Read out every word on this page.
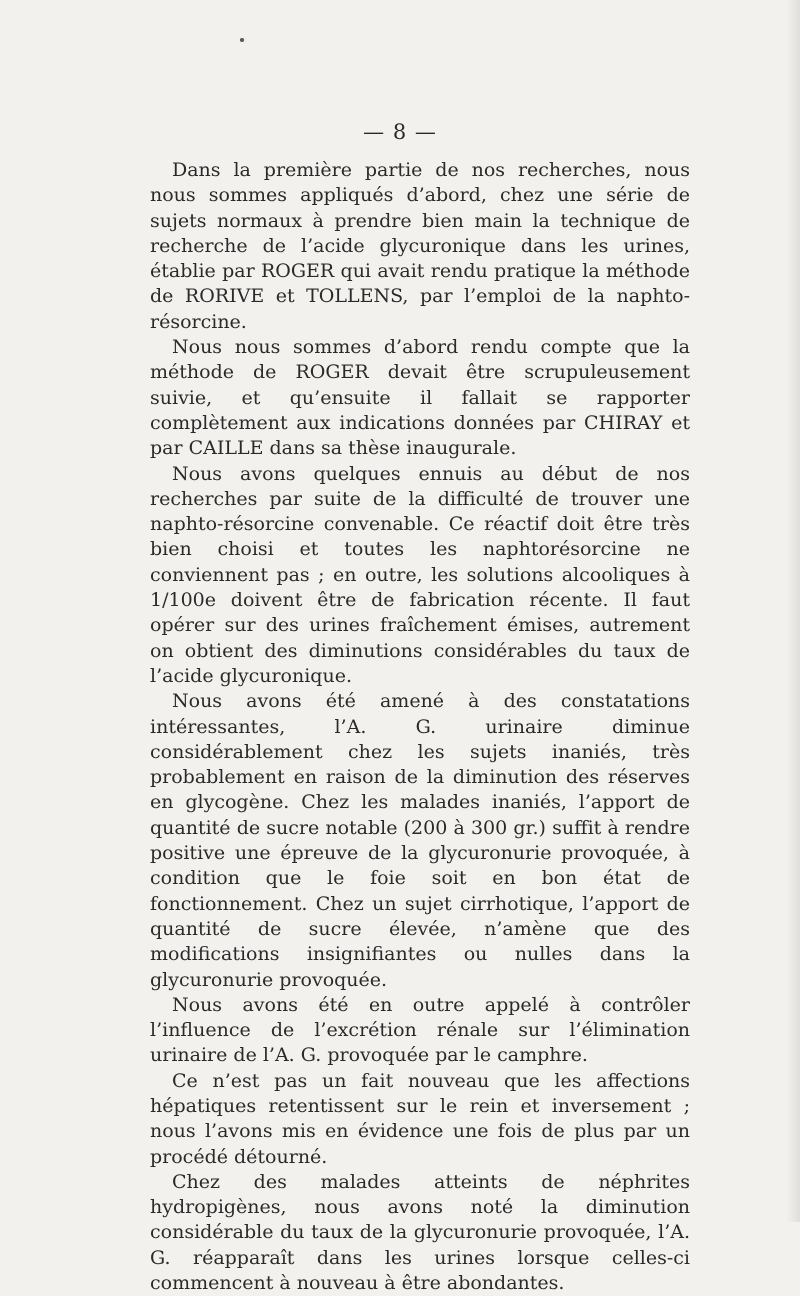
— 8 —

Dans la première partie de nos recherches, nous nous sommes appliqués d’abord, chez une série de sujets normaux à prendre bien main la technique de recherche de l’acide glycuronique dans les urines, établie par ROGER qui avait rendu pratique la méthode de RORIVE et TOLLENS, par l’emploi de la naphto-résorcine.

Nous nous sommes d’abord rendu compte que la méthode de ROGER devait être scrupuleusement suivie, et qu’ensuite il fallait se rapporter complètement aux indications données par CHIRAY et par CAILLE dans sa thèse inaugurale.

Nous avons quelques ennuis au début de nos recherches par suite de la difficulté de trouver une naphto-résorcine convenable. Ce réactif doit être très bien choisi et toutes les naphtorésorcine ne conviennent pas ; en outre, les solutions alcooliques à 1/100e doivent être de fabrication récente. Il faut opérer sur des urines fraîchement émises, autrement on obtient des diminutions considérables du taux de l’acide glycuronique.

Nous avons été amené à des constatations intéressantes, l’A. G. urinaire diminue considérablement chez les sujets inaniés, très probablement en raison de la diminution des réserves en glycogène. Chez les malades inaniés, l’apport de quantité de sucre notable (200 à 300 gr.) suffit à rendre positive une épreuve de la glycuronurie provoquée, à condition que le foie soit en bon état de fonctionnement. Chez un sujet cirrhotique, l’apport de quantité de sucre élevée, n’amène que des modifications insignifiantes ou nulles dans la glycuronurie provoquée.

Nous avons été en outre appelé à contrôler l’influence de l’excrétion rénale sur l’élimination urinaire de l’A. G. provoquée par le camphre.

Ce n’est pas un fait nouveau que les affections hépatiques retentissent sur le rein et inversement ; nous l’avons mis en évidence une fois de plus par un procédé détourné.

Chez des malades atteints de néphrites hydropigènes, nous avons noté la diminution considérable du taux de la glycuronurie provoquée, l’A. G. réapparaît dans les urines lorsque celles-ci commencent à nouveau à être abondantes.
